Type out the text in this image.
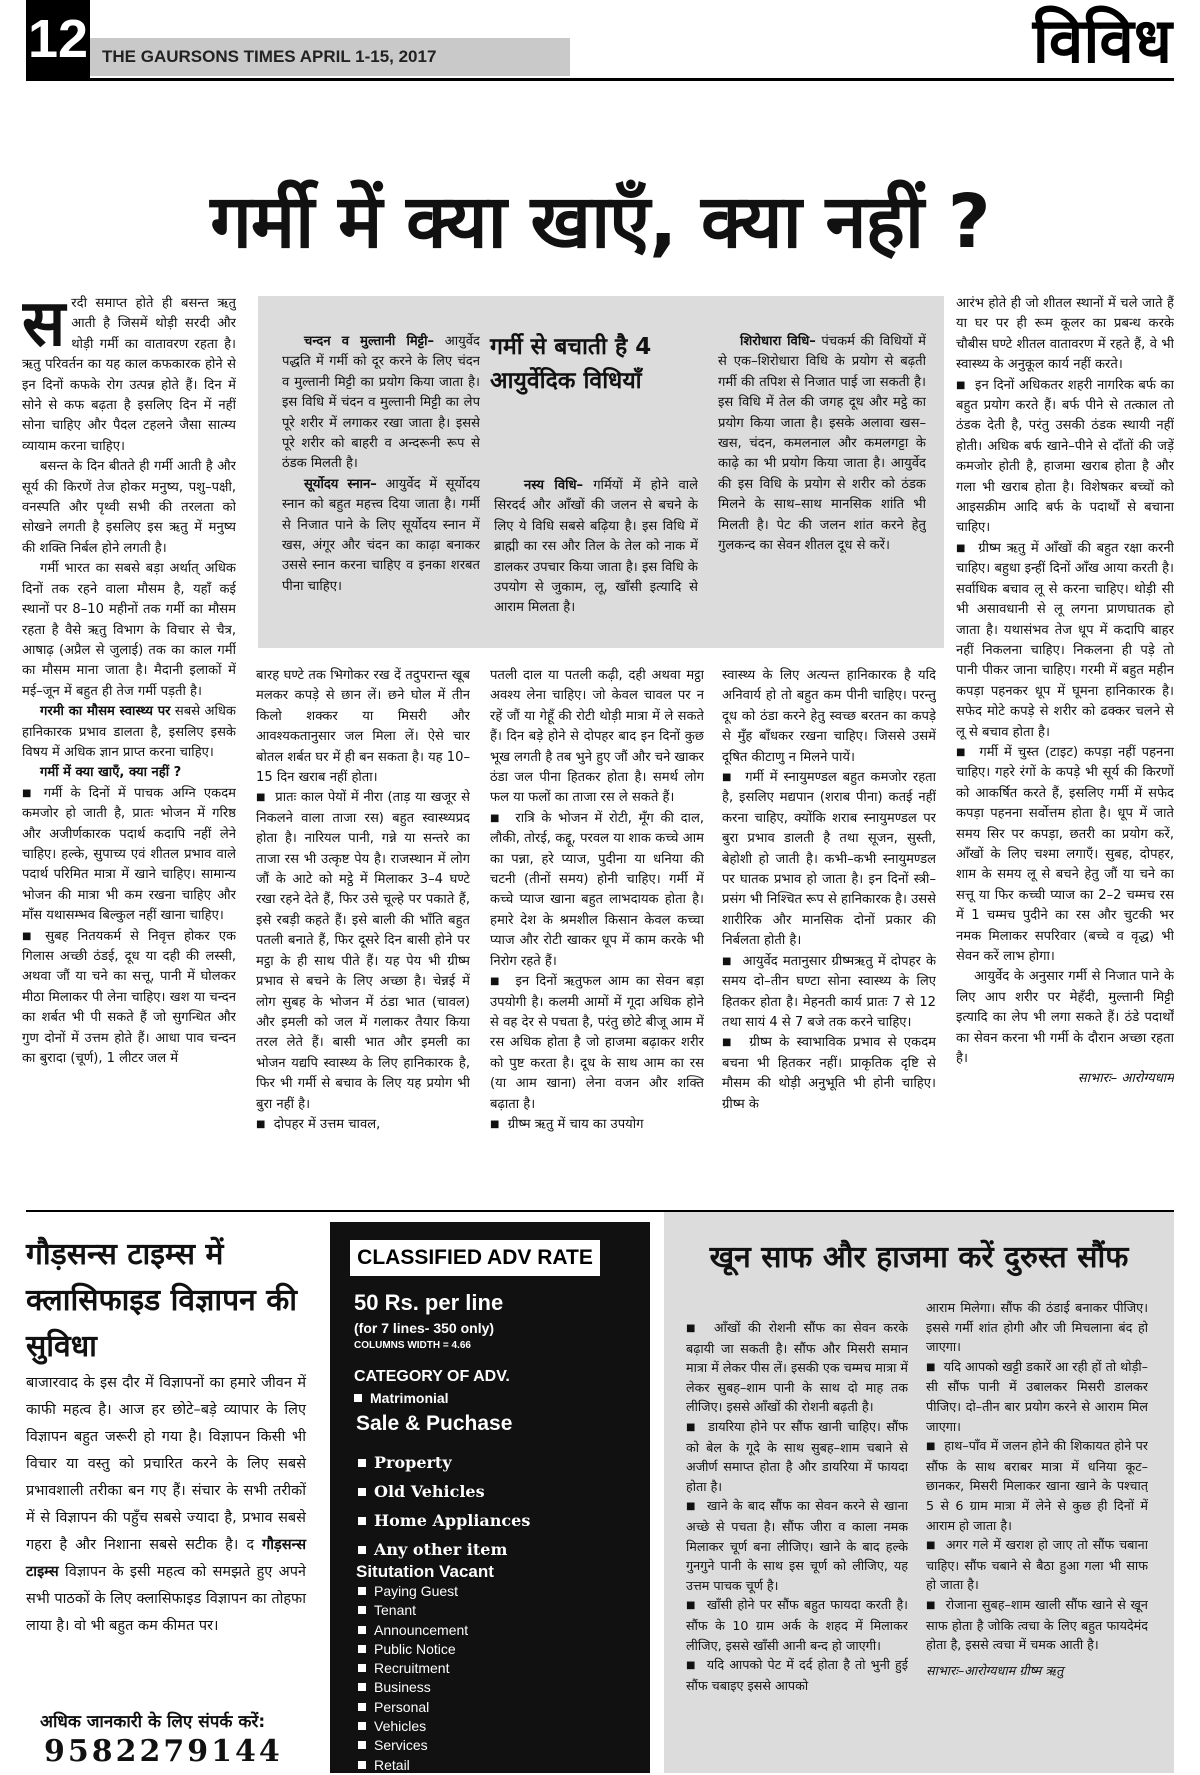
12 THE GAURSONS TIMES APRIL 1-15, 2017	विविध
गर्मी में क्या खाएँ, क्या नहीं ?

सरदी समाप्त होते ही बसन्त ऋतु आती है जिसमें थोड़ी सरदी और थोड़ी गर्मी का वातावरण रहता है। ऋतु परिवर्तन का यह काल कफकारक होने से इन दिनों कफके रोग उत्पन्न होते हैं। दिन में सोने से कफ बढ़ता है इसलिए दिन में नहीं सोना चाहिए और पैदल टहलने जैसा सात्म्य व्यायाम करना चाहिए।

बसन्त के दिन बीतते ही गर्मी आती है और सूर्य की किरणें तेज होकर मनुष्य, पशु–पक्षी, वनस्पति और पृथ्वी सभी की तरलता को सोखने लगती है इसलिए इस ऋतु में मनुष्य की शक्ति निर्बल होने लगती है।

गर्मी भारत का सबसे बड़ा अर्थात् अधिक दिनों तक रहने वाला मौसम है, यहाँ कई स्थानों पर 8–10 महीनों तक गर्मी का मौसम रहता है वैसे ऋतु विभाग के विचार से चैत्र, आषाढ़ (अप्रैल से जुलाई) तक का काल गर्मी का मौसम माना जाता है। मैदानी इलाकों में मई–जून में बहुत ही तेज गर्मी पड़ती है।

गरमी का मौसम स्वास्थ्य पर सबसे अधिक हानिकारक प्रभाव डालता है, इसलिए इसके विषय में अधिक ज्ञान प्राप्त करना चाहिए।

गर्मी में क्या खाएँ, क्या नहीं ?

■ गर्मी के दिनों में पाचक अग्नि एकदम कमजोर हो जाती है, प्रातः भोजन में गरिष्ठ और अजीर्णकारक पदार्थ कदापि नहीं लेने चाहिए। हल्के, सुपाच्य एवं शीतल प्रभाव वाले पदार्थ परिमित मात्रा में खाने चाहिए। सामान्य भोजन की मात्रा भी कम रखना चाहिए और माँस यथासम्भव बिल्कुल नहीं खाना चाहिए।

■ सुबह नितयकर्म से निवृत्त होकर एक गिलास अच्छी ठंडई, दूध या दही की लस्सी, अथवा जौं या चने का सत्तू, पानी में घोलकर मीठा मिलाकर पी लेना चाहिए। खश या चन्दन का शर्बत भी पी सकते हैं जो सुगन्धित और गुण दोनों में उत्तम होते हैं। आधा पाव चन्दन का बुरादा (चूर्ण), 1 लीटर जल में

चन्दन व मुल्तानी मिट्टी– आयुर्वेद पद्धति में गर्मी को दूर करने के लिए चंदन व मुल्तानी मिट्टी का प्रयोग किया जाता है। इस विधि में चंदन व मुल्तानी मिट्टी का लेप पूरे शरीर में लगाकर रखा जाता है। इससे पूरे शरीर को बाहरी व अन्दरूनी रूप से ठंडक मिलती है।

सूर्योदय स्नान– आयुर्वेद में सूर्योदय स्नान को बहुत महत्त्व दिया जाता है। गर्मी से निजात पाने के लिए सूर्योदय स्नान में खस, अंगूर और चंदन का काढ़ा बनाकर उससे स्नान करना चाहिए व इनका शरबत पीना चाहिए।

गर्मी से बचाती है 4 आयुर्वेदिक विधियाँ

नस्य विधि– गर्मियों में होने वाले सिरदर्द और आँखों की जलन से बचने के लिए ये विधि सबसे बढ़िया है। इस विधि में ब्राह्मी का रस और तिल के तेल को नाक में डालकर उपचार किया जाता है। इस विधि के उपयोग से जुकाम, लू, खाँसी इत्यादि से आराम मिलता है।

शिरोधारा विधि– पंचकर्म की विधियों में से एक–शिरोधारा विधि के प्रयोग से बढ़ती गर्मी की तपिश से निजात पाई जा सकती है। इस विधि में तेल की जगह दूध और मट्ठे का प्रयोग किया जाता है। इसके अलावा खस–खस, चंदन, कमलनाल और कमलगट्टा के काढ़े का भी प्रयोग किया जाता है। आयुर्वेद की इस विधि के प्रयोग से शरीर को ठंडक मिलने के साथ–साथ मानसिक शांति भी मिलती है। पेट की जलन शांत करने हेतु गुलकन्द का सेवन शीतल दूध से करें।

बारह घण्टे तक भिगोकर रख दें तदुपरान्त खूब मलकर कपड़े से छान लें। छने घोल में तीन किलो शक्कर या मिसरी और आवश्यकतानुसार जल मिला लें। ऐसे चार बोतल शर्बत घर में ही बन सकता है। यह 10–15 दिन खराब नहीं होता।

■ प्रातः काल पेयों में नीरा (ताड़ या खजूर से निकलने वाला ताजा रस) बहुत स्वास्थ्यप्रद होता है। नारियल पानी, गन्ने या सन्तरे का ताजा रस भी उत्कृष्ट पेय है। राजस्थान में लोग जौं के आटे को मट्ठे में मिलाकर 3–4 घण्टे रखा रहने देते हैं, फिर उसे चूल्हे पर पकाते हैं, इसे रबड़ी कहते हैं। इसे बाली की भाँति बहुत पतली बनाते हैं, फिर दूसरे दिन बासी होने पर मट्ठा के ही साथ पीते हैं। यह पेय भी ग्रीष्म प्रभाव से बचने के लिए अच्छा है। चेन्नई में लोग सुबह के भोजन में ठंडा भात (चावल) और इमली को जल में गलाकर तैयार किया तरल लेते हैं। बासी भात और इमली का भोजन यद्यपि स्वास्थ्य के लिए हानिकारक है, फिर भी गर्मी से बचाव के लिए यह प्रयोग भी बुरा नहीं है।

■ दोपहर में उत्तम चावल,

पतली दाल या पतली कढ़ी, दही अथवा मट्ठा अवश्य लेना चाहिए। जो केवल चावल पर न रहें जौं या गेहूँ की रोटी थोड़ी मात्रा में ले सकते हैं। दिन बड़े होने से दोपहर बाद इन दिनों कुछ भूख लगती है तब भुने हुए जौं और चने खाकर ठंडा जल पीना हितकर होता है। समर्थ लोग फल या फलों का ताजा रस ले सकते हैं।

■ रात्रि के भोजन में रोटी, मूँग की दाल, लौकी, तोरई, कद्दू, परवल या शाक कच्चे आम का पन्ना, हरे प्याज, पुदीना या धनिया की चटनी (तीनों समय) होनी चाहिए। गर्मी में कच्चे प्याज खाना बहुत लाभदायक होता है। हमारे देश के श्रमशील किसान केवल कच्चा प्याज और रोटी खाकर धूप में काम करके भी निरोग रहते हैं।

■ इन दिनों ऋतुफल आम का सेवन बड़ा उपयोगी है। कलमी आमों में गूदा अधिक होने से वह देर से पचता है, परंतु छोटे बीजू आम में रस अधिक होता है जो हाजमा बढ़ाकर शरीर को पुष्ट करता है। दूध के साथ आम का रस (या आम खाना) लेना वजन और शक्ति बढ़ाता है।

■ ग्रीष्म ऋतु में चाय का उपयोग

स्वास्थ्य के लिए अत्यन्त हानिकारक है यदि अनिवार्य हो तो बहुत कम पीनी चाहिए। परन्तु दूध को ठंडा करने हेतु स्वच्छ बरतन का कपड़े से मुँह बाँधकर रखना चाहिए। जिससे उसमें दूषित कीटाणु न मिलने पायें।

■ गर्मी में स्नायुमण्डल बहुत कमजोर रहता है, इसलिए मद्यपान (शराब पीना) कतई नहीं करना चाहिए, क्योंकि शराब स्नायुमण्डल पर बुरा प्रभाव डालती है तथा सूजन, सुस्ती, बेहोशी हो जाती है। कभी–कभी स्नायुमण्डल पर घातक प्रभाव हो जाता है। इन दिनों स्त्री–प्रसंग भी निश्चित रूप से हानिकारक है। उससे शारीरिक और मानसिक दोनों प्रकार की निर्बलता होती है।

■ आयुर्वेद मतानुसार ग्रीष्मऋतु में दोपहर के समय दो–तीन घण्टा सोना स्वास्थ्य के लिए हितकर होता है। मेहनती कार्य प्रातः 7 से 12 तथा सायं 4 से 7 बजे तक करने चाहिए।

■ ग्रीष्म के स्वाभाविक प्रभाव से एकदम बचना भी हितकर नहीं। प्राकृतिक दृष्टि से मौसम की थोड़ी अनुभूति भी होनी चाहिए। ग्रीष्म के

आरंभ होते ही जो शीतल स्थानों में चले जाते हैं या घर पर ही रूम कूलर का प्रबन्ध करके चौबीस घण्टे शीतल वातावरण में रहते हैं, वे भी स्वास्थ्य के अनुकूल कार्य नहीं करते।

■ इन दिनों अधिकतर शहरी नागरिक बर्फ का बहुत प्रयोग करते हैं। बर्फ पीने से तत्काल तो ठंडक देती है, परंतु उसकी ठंडक स्थायी नहीं होती। अधिक बर्फ खाने–पीने से दाँतों की जड़ें कमजोर होती है, हाजमा खराब होता है और गला भी खराब होता है। विशेषकर बच्चों को आइसक्रीम आदि बर्फ के पदार्थों से बचाना चाहिए।

■ ग्रीष्म ऋतु में आँखों की बहुत रक्षा करनी चाहिए। बहुधा इन्हीं दिनों आँख आया करती है। सर्वाधिक बचाव लू से करना चाहिए। थोड़ी सी भी असावधानी से लू लगना प्राणघातक हो जाता है। यथासंभव तेज धूप में कदापि बाहर नहीं निकलना चाहिए। निकलना ही पड़े तो पानी पीकर जाना चाहिए। गरमी में बहुत महीन कपड़ा पहनकर धूप में घूमना हानिकारक है। सफेद मोटे कपड़े से शरीर को ढक्कर चलने से लू से बचाव होता है।

■ गर्मी में चुस्त (टाइट) कपड़ा नहीं पहनना चाहिए। गहरे रंगों के कपड़े भी सूर्य की किरणों को आकर्षित करते हैं, इसलिए गर्मी में सफेद कपड़ा पहनना सर्वोत्तम होता है। धूप में जाते समय सिर पर कपड़ा, छतरी का प्रयोग करें, आँखों के लिए चश्मा लगाएँ। सुबह, दोपहर, शाम के समय लू से बचने हेतु जौं या चने का सत्तू या फिर कच्ची प्याज का 2–2 चम्मच रस में 1 चम्मच पुदीने का रस और चुटकी भर नमक मिलाकर सपरिवार (बच्चे व वृद्ध) भी सेवन करें लाभ होगा।

आयुर्वेद के अनुसार गर्मी से निजात पाने के लिए आप शरीर पर मेहँदी, मुल्तानी मिट्टी इत्यादि का लेप भी लगा सकते हैं। ठंडे पदार्थों का सेवन करना भी गर्मी के दौरान अच्छा रहता है।

साभारः– आरोग्यधाम
गौड़सन्स टाइम्स में क्लासिफाइड विज्ञापन की सुविधा
बाजारवाद के इस दौर में विज्ञापनों का हमारे जीवन में काफी महत्व है। आज हर छोटे–बड़े व्यापार के लिए विज्ञापन बहुत जरूरी हो गया है। विज्ञापन किसी भी विचार या वस्तु को प्रचारित करने के लिए सबसे प्रभावशाली तरीका बन गए हैं। संचार के सभी तरीकों में से विज्ञापन की पहुँच सबसे ज्यादा है, प्रभाव सबसे गहरा है और निशाना सबसे सटीक है। द गौड़सन्स टाइम्स विज्ञापन के इसी महत्व को समझते हुए अपने सभी पाठकों के लिए क्लासिफाइड विज्ञापन का तोहफा लाया है। वो भी बहुत कम कीमत पर।
अधिक जानकारी के लिए संपर्क करें:
9582279144
CLASSIFIED ADV RATE
50 Rs. per line
(for 7 lines- 350 only)
COLUMNS WIDTH = 4.66
CATEGORY OF ADV.
Matrimonial
Sale & Puchase
Property
Old Vehicles
Home Appliances
Any other item
Situtation Vacant
Paying Guest
Tenant
Announcement
Public Notice
Recruitment
Business
Personal
Vehicles
Services
Retail
खून साफ और हाजमा करें दुरुस्त सौंफ

■ आँखों की रोशनी सौंफ का सेवन करके बढ़ायी जा सकती है। सौंफ और मिसरी समान मात्रा में लेकर पीस लें। इसकी एक चम्मच मात्रा में लेकर सुबह–शाम पानी के साथ दो माह तक लीजिए। इससे आँखों की रोशनी बढ़ती है।

■ डायरिया होने पर सौंफ खानी चाहिए। सौंफ को बेल के गूदे के साथ सुबह–शाम चबाने से अजीर्ण समाप्त होता है और डायरिया में फायदा होता है।

■ खाने के बाद सौंफ का सेवन करने से खाना अच्छे से पचता है। सौंफ जीरा व काला नमक मिलाकर चूर्ण बना लीजिए। खाने के बाद हल्के गुनगुने पानी के साथ इस चूर्ण को लीजिए, यह उत्तम पाचक चूर्ण है।

■ खाँसी होने पर सौंफ बहुत फायदा करती है। सौंफ के 10 ग्राम अर्क के शहद में मिलाकर लीजिए, इससे खाँसी आनी बन्द हो जाएगी।

■ यदि आपको पेट में दर्द होता है तो भुनी हुई सौंफ चबाइए इससे आपको

आराम मिलेगा। सौंफ की ठंडाई बनाकर पीजिए। इससे गर्मी शांत होगी और जी मिचलाना बंद हो जाएगा।

■ यदि आपको खट्टी डकारें आ रही हों तो थोड़ी–सी सौंफ पानी में उबालकर मिसरी डालकर पीजिए। दो–तीन बार प्रयोग करने से आराम मिल जाएगा।

■ हाथ–पाँव में जलन होने की शिकायत होने पर सौंफ के साथ बराबर मात्रा में धनिया कूट–छानकर, मिसरी मिलाकर खाना खाने के पश्चात् 5 से 6 ग्राम मात्रा में लेने से कुछ ही दिनों में आराम हो जाता है।

■ अगर गले में खराश हो जाए तो सौंफ चबाना चाहिए। सौंफ चबाने से बैठा हुआ गला भी साफ हो जाता है।

■ रोजाना सुबह–शाम खाली सौंफ खाने से खून साफ होता है जोकि त्वचा के लिए बहुत फायदेमंद होता है, इससे त्वचा में चमक आती है।

साभारः–आरोग्यधाम ग्रीष्म ऋतु
